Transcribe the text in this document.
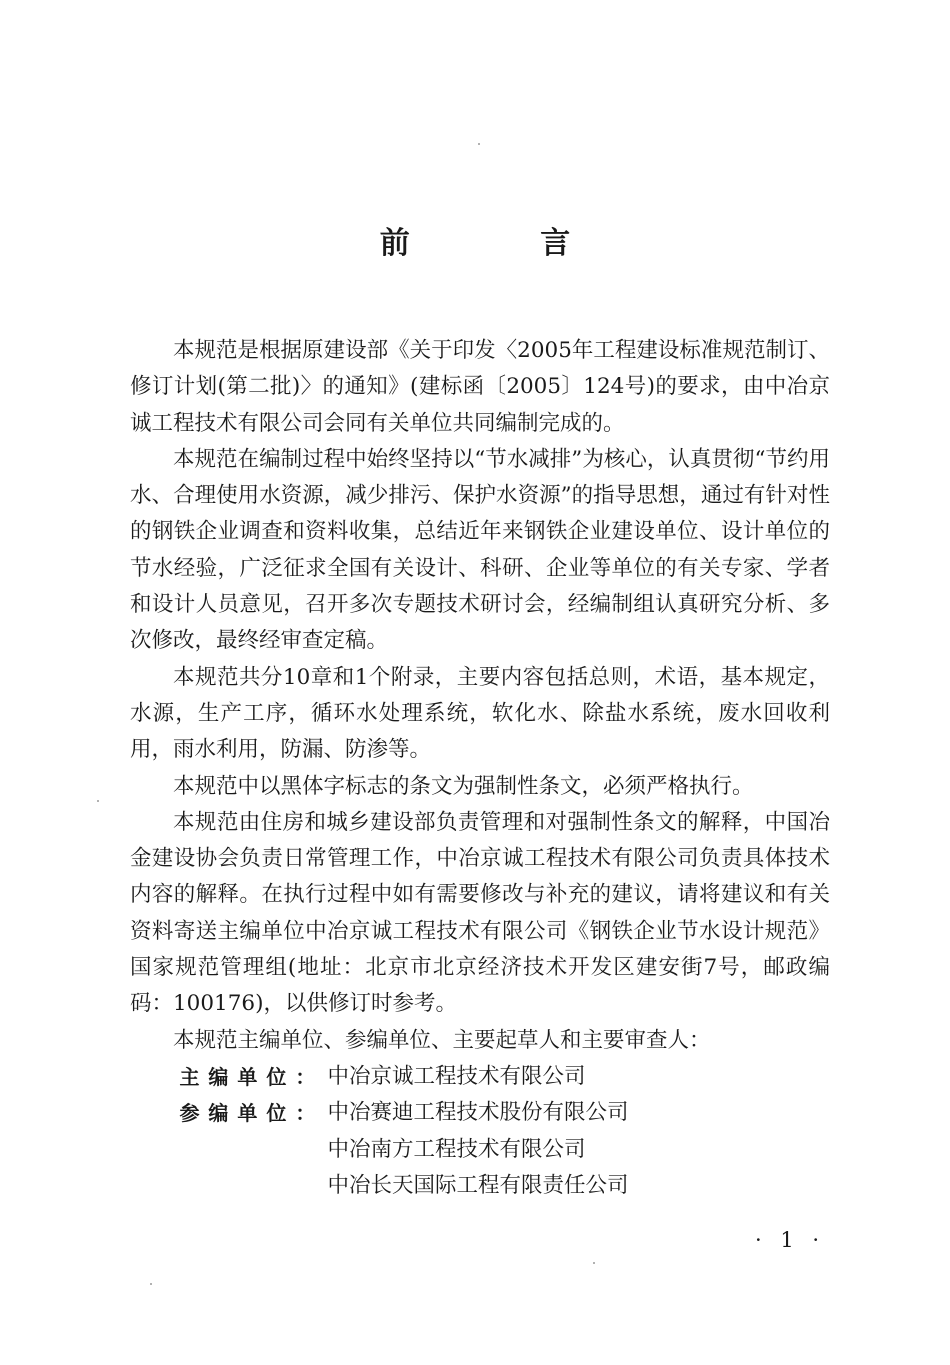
前 言

本规范是根据原建设部《关于印发〈2005年工程建设标准规范制订、修订计划(第二批)〉的通知》(建标函〔2005〕124号)的要求，由中冶京诚工程技术有限公司会同有关单位共同编制完成的。

本规范在编制过程中始终坚持以“节水减排”为核心，认真贯彻“节约用水、合理使用水资源，减少排污、保护水资源”的指导思想，通过有针对性的钢铁企业调查和资料收集，总结近年来钢铁企业建设单位、设计单位的节水经验，广泛征求全国有关设计、科研、企业等单位的有关专家、学者和设计人员意见，召开多次专题技术研讨会，经编制组认真研究分析、多次修改，最终经审查定稿。

本规范共分10章和1个附录，主要内容包括总则，术语，基本规定，水源，生产工序，循环水处理系统，软化水、除盐水系统，废水回收利用，雨水利用，防漏、防渗等。

本规范中以黑体字标志的条文为强制性条文，必须严格执行。

本规范由住房和城乡建设部负责管理和对强制性条文的解释，中国冶金建设协会负责日常管理工作，中冶京诚工程技术有限公司负责具体技术内容的解释。在执行过程中如有需要修改与补充的建议，请将建议和有关资料寄送主编单位中冶京诚工程技术有限公司《钢铁企业节水设计规范》国家规范管理组(地址：北京市北京经济技术开发区建安街7号，邮政编码：100176)，以供修订时参考。

本规范主编单位、参编单位、主要起草人和主要审查人：

主编单位： 中冶京诚工程技术有限公司
参编单位： 中冶赛迪工程技术股份有限公司
中冶南方工程技术有限公司
中冶长天国际工程有限责任公司
· 1 ·
